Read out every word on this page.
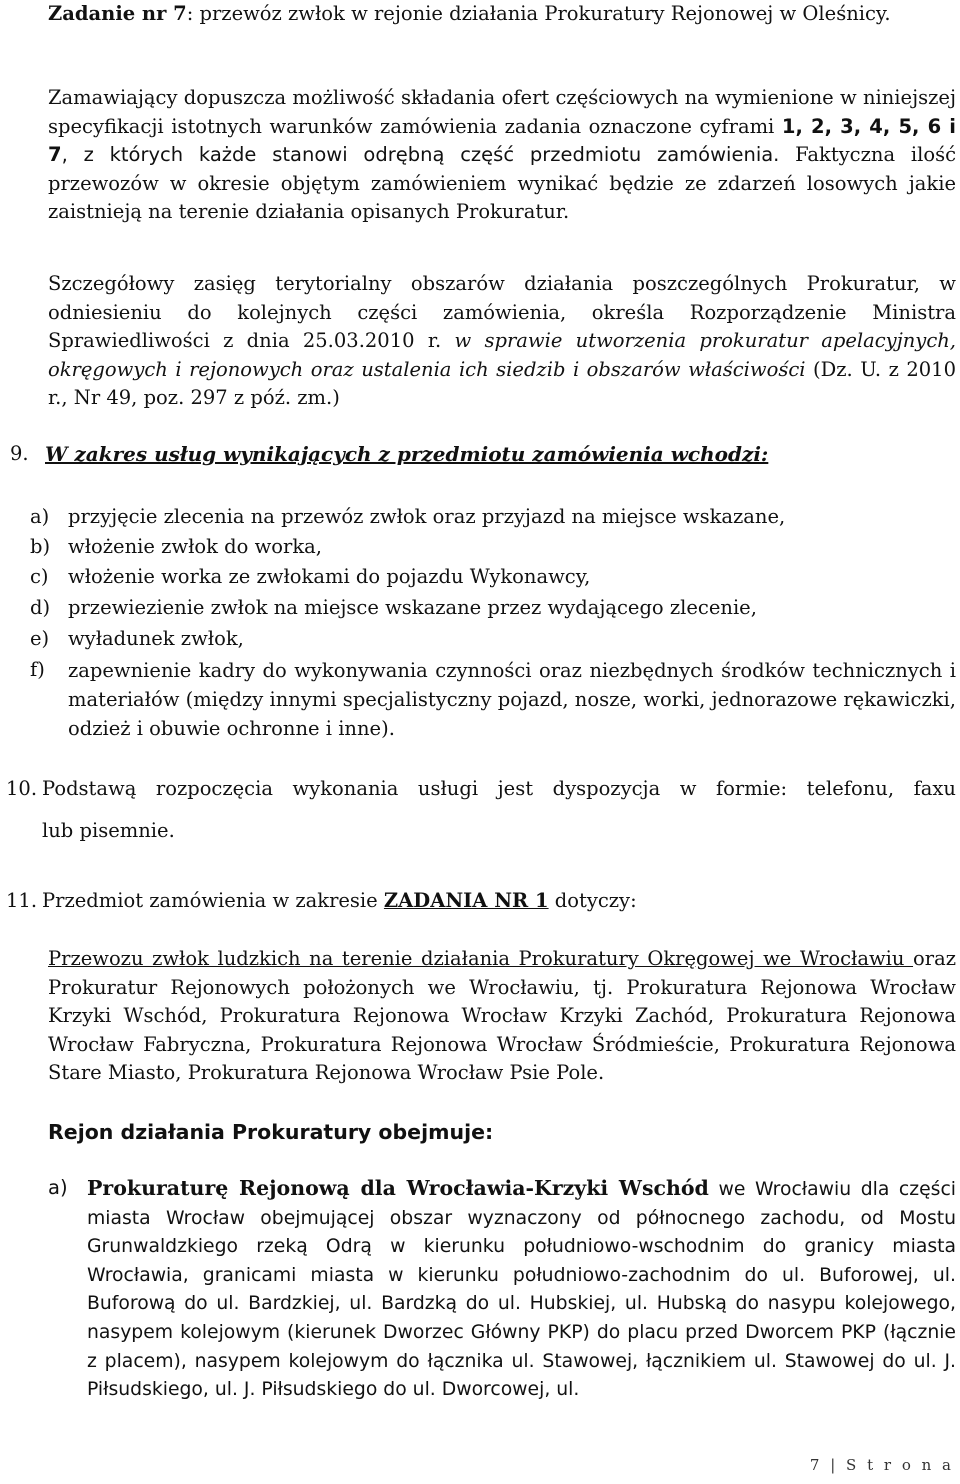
Zadanie nr 7: przewóz zwłok w rejonie działania Prokuratury Rejonowej w Oleśnicy.

Zamawiający dopuszcza możliwość składania ofert częściowych na wymienione w niniejszej specyfikacji istotnych warunków zamówienia zadania oznaczone cyframi 1, 2, 3, 4, 5, 6 i 7, z których każde stanowi odrębną część przedmiotu zamówienia. Faktyczna ilość przewozów w okresie objętym zamówieniem wynikać będzie ze zdarzeń losowych jakie zaistnieją na terenie działania opisanych Prokuratur.

Szczegółowy zasięg terytorialny obszarów działania poszczególnych Prokuratur, w odniesieniu do kolejnych części zamówienia, określa Rozporządzenie Ministra Sprawiedliwości z dnia 25.03.2010 r. w sprawie utworzenia prokuratur apelacyjnych, okręgowych i rejonowych oraz ustalenia ich siedzib i obszarów właściwości (Dz. U. z 2010 r., Nr 49, poz. 297 z póź. zm.)

9. W zakres usług wynikających z przedmiotu zamówienia wchodzi:
a) przyjęcie zlecenia na przewóz zwłok oraz przyjazd na miejsce wskazane,
b) włożenie zwłok do worka,
c) włożenie worka ze zwłokami do pojazdu Wykonawcy,
d) przewiezienie zwłok na miejsce wskazane przez wydającego zlecenie,
e) wyładunek zwłok,
f) zapewnienie kadry do wykonywania czynności oraz niezbędnych środków technicznych i materiałów (między innymi specjalistyczny pojazd, nosze, worki, jednorazowe rękawiczki, odzież i obuwie ochronne i inne).
10. Podstawą rozpoczęcia wykonania usługi jest dyspozycja w formie: telefonu, faxu
lub pisemnie.
11. Przedmiot zamówienia w zakresie ZADANIA NR 1 dotyczy:

Przewozu zwłok ludzkich na terenie działania Prokuratury Okręgowej we Wrocławiu oraz Prokuratur Rejonowych położonych we Wrocławiu, tj. Prokuratura Rejonowa Wrocław Krzyki Wschód, Prokuratura Rejonowa Wrocław Krzyki Zachód, Prokuratura Rejonowa Wrocław Fabryczna, Prokuratura Rejonowa Wrocław Śródmieście, Prokuratura Rejonowa Stare Miasto, Prokuratura Rejonowa Wrocław Psie Pole.

Rejon działania Prokuratury obejmuje:
a) Prokuraturę Rejonową dla Wrocławia-Krzyki Wschód we Wrocławiu dla części miasta Wrocław obejmującej obszar wyznaczony od północnego zachodu, od Mostu Grunwaldzkiego rzeką Odrą w kierunku południowo-wschodnim do granicy miasta Wrocławia, granicami miasta w kierunku południowo-zachodnim do ul. Buforowej, ul. Buforową do ul. Bardzkiej, ul. Bardzką do ul. Hubskiej, ul. Hubską do nasypu kolejowego, nasypem kolejowym (kierunek Dworzec Główny PKP) do placu przed Dworcem PKP (łącznie z placem), nasypem kolejowym do łącznika ul. Stawowej, łącznikiem ul. Stawowej do ul. J. Piłsudskiego, ul. J. Piłsudskiego do ul. Dworcowej, ul.

7 | S t r o n a
